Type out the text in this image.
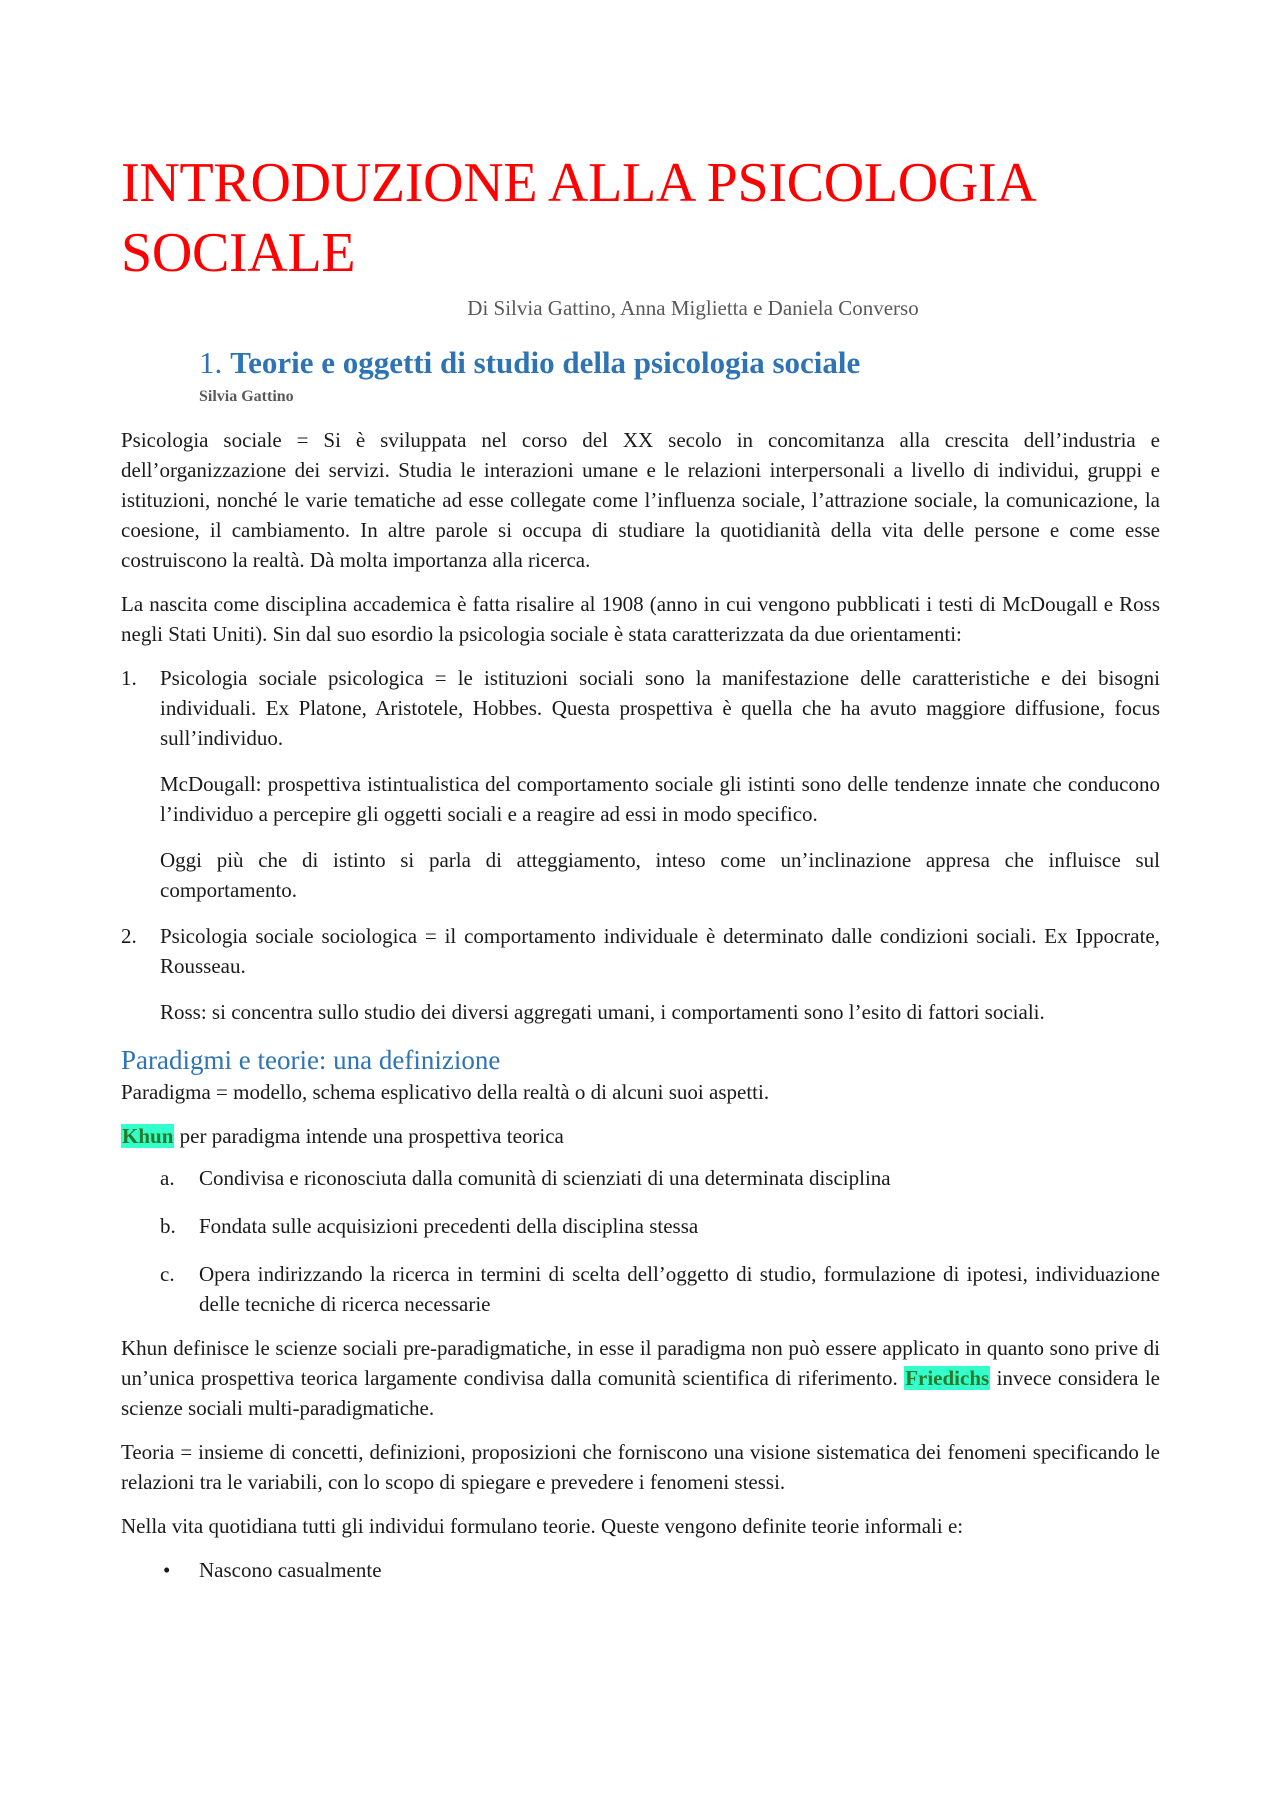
INTRODUZIONE ALLA PSICOLOGIA
SOCIALE
Di Silvia Gattino, Anna Miglietta e Daniela Converso
1. Teorie e oggetti di studio della psicologia sociale
Silvia Gattino

Psicologia sociale = Si è sviluppata nel corso del XX secolo in concomitanza alla crescita dell’industria e dell’organizzazione dei servizi. Studia le interazioni umane e le relazioni interpersonali a livello di individui, gruppi e istituzioni, nonché le varie tematiche ad esse collegate come l’influenza sociale, l’attrazione sociale, la comunicazione, la coesione, il cambiamento. In altre parole si occupa di studiare la quotidianità della vita delle persone e come esse costruiscono la realtà. Dà molta importanza alla ricerca.

La nascita come disciplina accademica è fatta risalire al 1908 (anno in cui vengono pubblicati i testi di McDougall e Ross negli Stati Uniti). Sin dal suo esordio la psicologia sociale è stata caratterizzata da due orientamenti:

1. Psicologia sociale psicologica = le istituzioni sociali sono la manifestazione delle caratteristiche e dei bisogni individuali. Ex Platone, Aristotele, Hobbes. Questa prospettiva è quella che ha avuto maggiore diffusione, focus sull’individuo.

McDougall: prospettiva istintualistica del comportamento sociale gli istinti sono delle tendenze innate che conducono l’individuo a percepire gli oggetti sociali e a reagire ad essi in modo specifico.

Oggi più che di istinto si parla di atteggiamento, inteso come un’inclinazione appresa che influisce sul comportamento.

2. Psicologia sociale sociologica = il comportamento individuale è determinato dalle condizioni sociali. Ex Ippocrate, Rousseau.

Ross: si concentra sullo studio dei diversi aggregati umani, i comportamenti sono l’esito di fattori sociali.

Paradigmi e teorie: una definizione

Paradigma = modello, schema esplicativo della realtà o di alcuni suoi aspetti.

Khun per paradigma intende una prospettiva teorica

a. Condivisa e riconosciuta dalla comunità di scienziati di una determinata disciplina

b. Fondata sulle acquisizioni precedenti della disciplina stessa

c. Opera indirizzando la ricerca in termini di scelta dell’oggetto di studio, formulazione di ipotesi, individuazione delle tecniche di ricerca necessarie

Khun definisce le scienze sociali pre-paradigmatiche, in esse il paradigma non può essere applicato in quanto sono prive di un’unica prospettiva teorica largamente condivisa dalla comunità scientifica di riferimento. Friedichs invece considera le scienze sociali multi-paradigmatiche.

Teoria = insieme di concetti, definizioni, proposizioni che forniscono una visione sistematica dei fenomeni specificando le relazioni tra le variabili, con lo scopo di spiegare e prevedere i fenomeni stessi.

Nella vita quotidiana tutti gli individui formulano teorie. Queste vengono definite teorie informali e:

• Nascono casualmente
